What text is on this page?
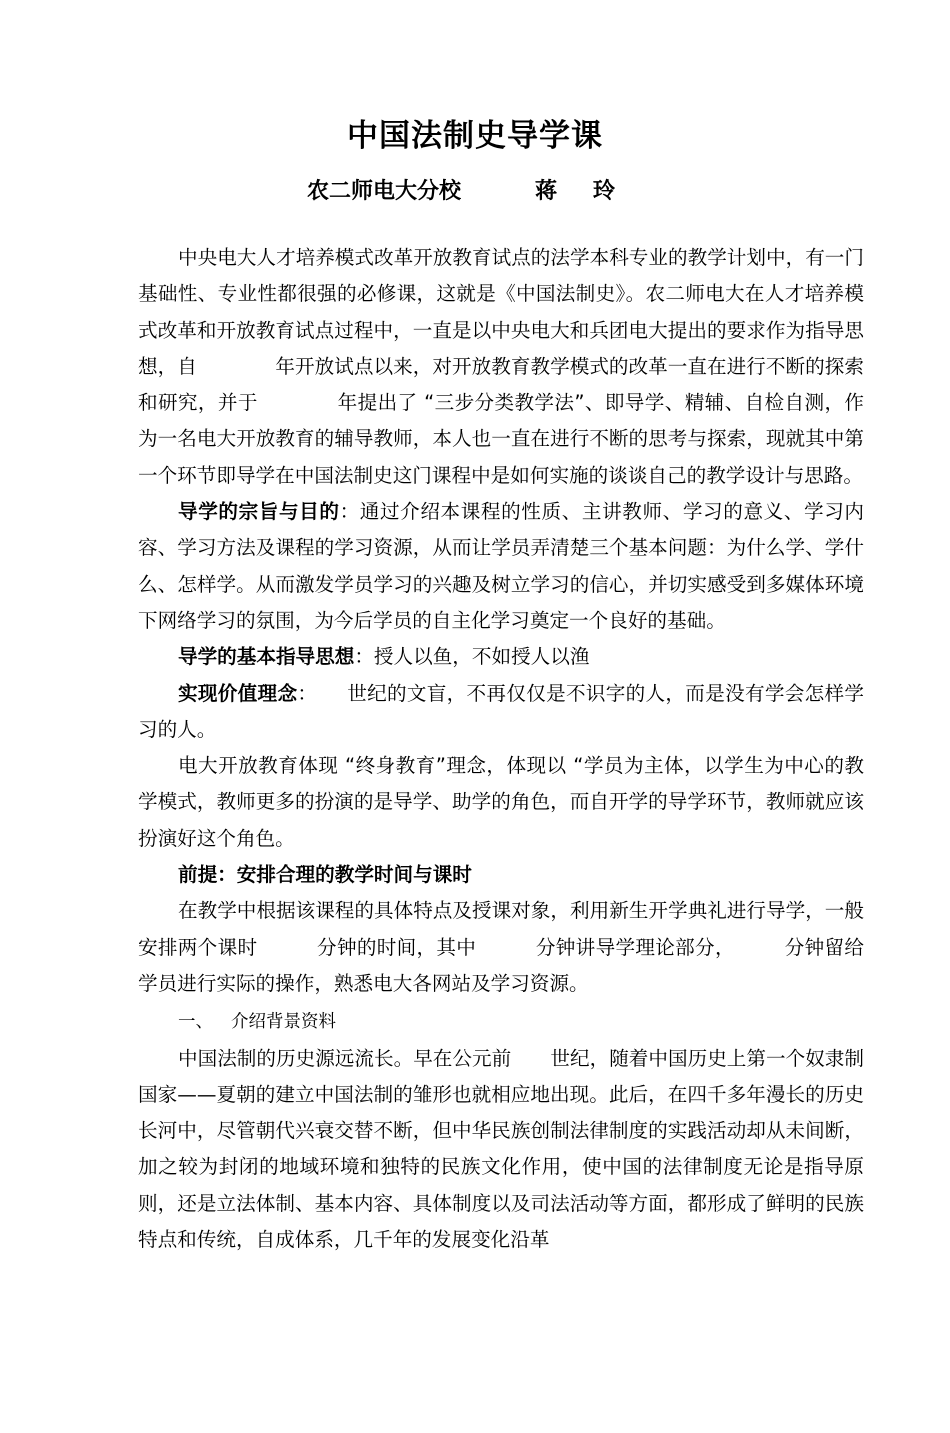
中国法制史导学课
农二师电大分校	蒋玲

中央电大人才培养模式改革开放教育试点的法学本科专业的教学计划中，有一门基础性、专业性都很强的必修课，这就是《中国法制史》。农二师电大在人才培养模式改革和开放教育试点过程中，一直是以中央电大和兵团电大提出的要求作为指导思想，自　　　　年开放试点以来，对开放教育教学模式的改革一直在进行不断的探索和研究，并于　　　　年提出了 “三步分类教学法”、即导学、精辅、自检自测，作为一名电大开放教育的辅导教师，本人也一直在进行不断的思考与探索，现就其中第一个环节即导学在中国法制史这门课程中是如何实施的谈谈自己的教学设计与思路。

导学的宗旨与目的：通过介绍本课程的性质、主讲教师、学习的意义、学习内容、学习方法及课程的学习资源，从而让学员弄清楚三个基本问题：为什么学、学什么、怎样学。从而激发学员学习的兴趣及树立学习的信心，并切实感受到多媒体环境下网络学习的氛围，为今后学员的自主化学习奠定一个良好的基础。

导学的基本指导思想：授人以鱼，不如授人以渔

实现价值理念：　　世纪的文盲，不再仅仅是不识字的人，而是没有学会怎样学习的人。

电大开放教育体现 “终身教育”理念，体现以 “学员为主体，以学生为中心的教学模式，教师更多的扮演的是导学、助学的角色，而自开学的导学环节，教师就应该扮演好这个角色。

前提：安排合理的教学时间与课时

在教学中根据该课程的具体特点及授课对象，利用新生开学典礼进行导学，一般安排两个课时　　　分钟的时间，其中　　　分钟讲导学理论部分，　　　分钟留给学员进行实际的操作，熟悉电大各网站及学习资源。

一、 介绍背景资料

中国法制的历史源远流长。早在公元前　　世纪，随着中国历史上第一个奴隶制国家——夏朝的建立中国法制的雏形也就相应地出现。此后，在四千多年漫长的历史长河中，尽管朝代兴衰交替不断，但中华民族创制法律制度的实践活动却从未间断，加之较为封闭的地域环境和独特的民族文化作用，使中国的法律制度无论是指导原则，还是立法体制、基本内容、具体制度以及司法活动等方面，都形成了鲜明的民族特点和传统，自成体系，几千年的发展变化沿革
